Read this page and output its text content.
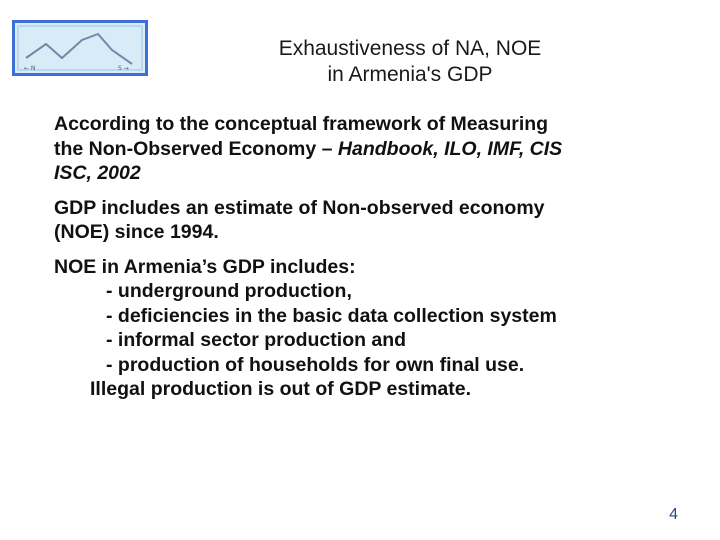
← N	S →
Exhaustiveness of NA, NOE
in Armenia's GDP
According to the conceptual framework of Measuring
the Non-Observed Economy – Handbook, ILO, IMF, CIS
ISC, 2002
GDP includes an estimate of Non-observed economy
(NOE) since 1994.
NOE in Armenia’s GDP includes:
- underground production,
- deficiencies in the basic data collection system
- informal sector production and
- production of households for own final use.
Illegal production is out of GDP estimate.
4
